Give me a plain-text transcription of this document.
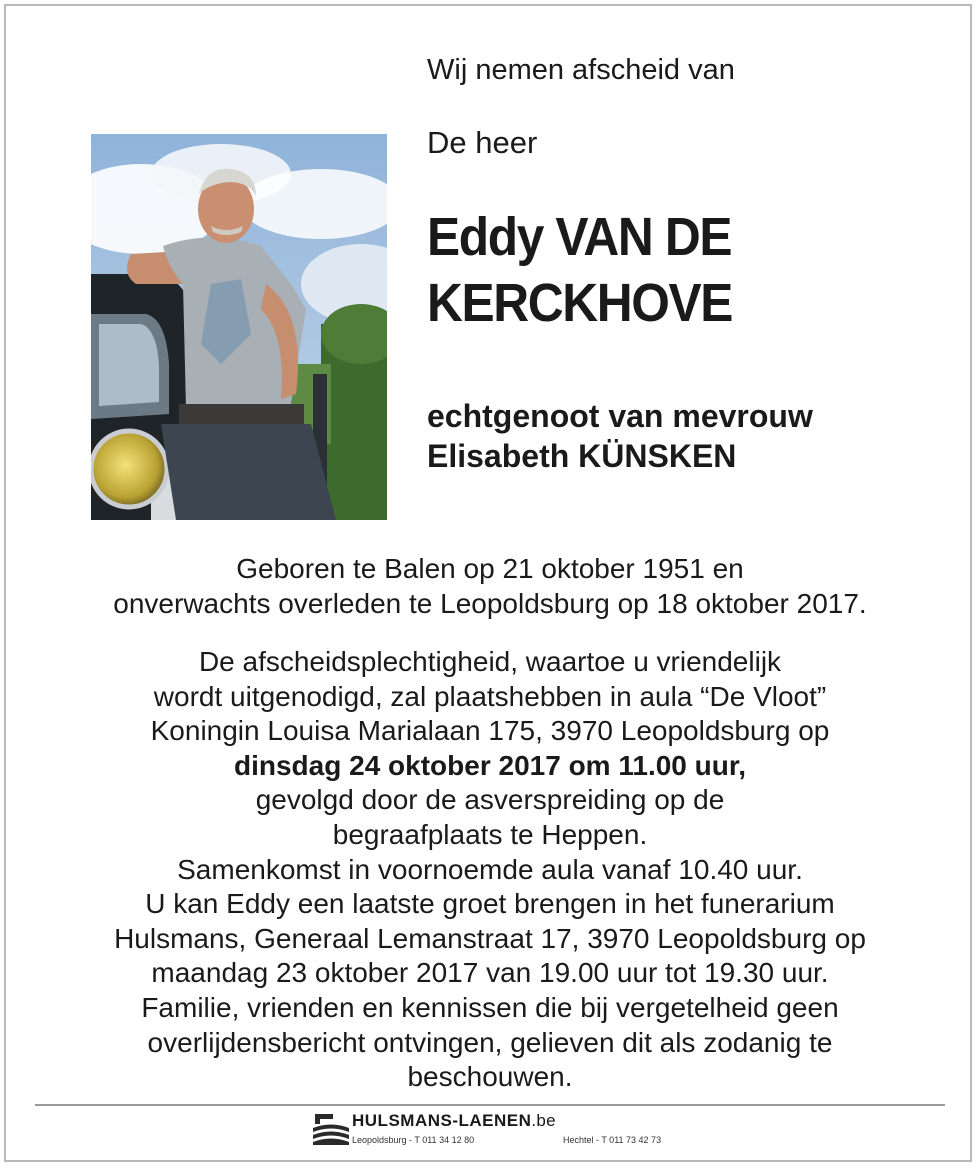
Wij nemen afscheid van
De heer
Eddy VAN DE
KERCKHOVE
echtgenoot van mevrouw
Elisabeth KÜNSKEN
Geboren te Balen op 21 oktober 1951 en
onverwachts overleden te Leopoldsburg op 18 oktober 2017.
De afscheidsplechtigheid, waartoe u vriendelijk
wordt uitgenodigd, zal plaatshebben in aula “De Vloot”
Koningin Louisa Marialaan 175, 3970 Leopoldsburg op
dinsdag 24 oktober 2017 om 11.00 uur,
gevolgd door de asverspreiding op de
begraafplaats te Heppen.
Samenkomst in voornoemde aula vanaf 10.40 uur.
U kan Eddy een laatste groet brengen in het funerarium
Hulsmans, Generaal Lemanstraat 17, 3970 Leopoldsburg op
maandag 23 oktober 2017 van 19.00 uur tot 19.30 uur.
Familie, vrienden en kennissen die bij vergetelheid geen
overlijdensbericht ontvingen, gelieven dit als zodanig te
beschouwen.
HULSMANS-LAENEN.be
Leopoldsburg - T 011 34 12 80	Hechtel - T 011 73 42 73
